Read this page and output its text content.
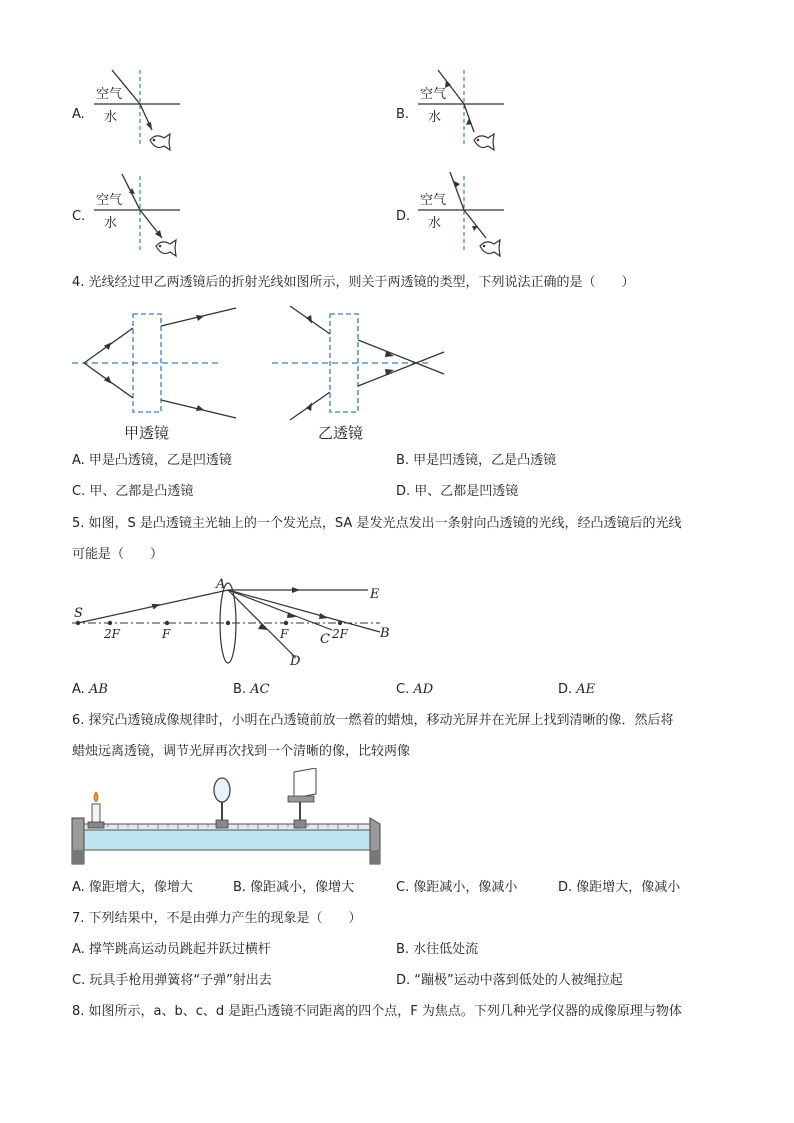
A.
空气
水	B.
空气
水
C.
空气
水	D.
空气
水
4. 光线经过甲乙两透镜后的折射光线如图所示，则关于两透镜的类型，下列说法正确的是（　　）
甲透镜	乙透镜
A. 甲是凸透镜，乙是凹透镜	B. 甲是凹透镜，乙是凸透镜
C. 甲、乙都是凸透镜	D. 甲、乙都是凹透镜
5. 如图，S 是凸透镜主光轴上的一个发光点，SA 是发光点发出一条射向凸透镜的光线，经凸透镜后的光线
可能是（　　）
S
A
E
B
C
D
2F	F	F	2F
A. AB	B. AC	C. AD	D. AE
6. 探究凸透镜成像规律时，小明在凸透镜前放一燃着的蜡烛，移动光屏并在光屏上找到清晰的像．然后将
蜡烛远离透镜，调节光屏再次找到一个清晰的像，比较两像
A. 像距增大，像增大	B. 像距减小，像增大	C. 像距减小，像减小	D. 像距增大，像减小
7. 下列结果中，不是由弹力产生的现象是（　　）
A. 撑竿跳高运动员跳起并跃过横杆	B. 水往低处流
C. 玩具手枪用弹簧将“子弹”射出去	D. “蹦极”运动中落到低处的人被绳拉起
8. 如图所示，a、b、c、d 是距凸透镜不同距离的四个点，F 为焦点。下列几种光学仪器的成像原理与物体
